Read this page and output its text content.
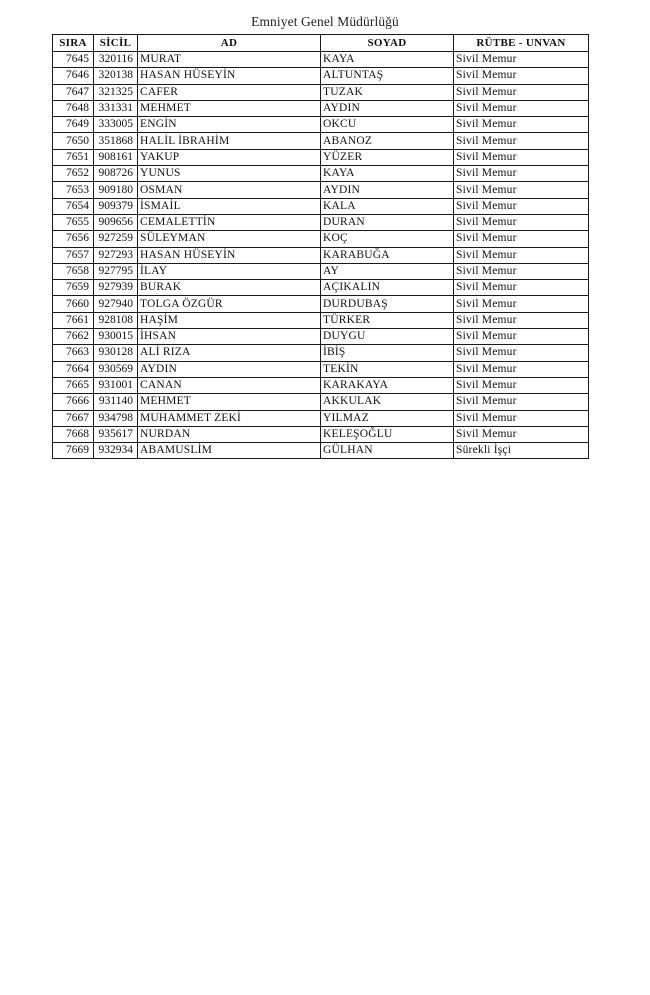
Emniyet Genel Müdürlüğü
SIRA	SİCİL	AD	SOYAD	RÜTBE - UNVAN
7645	320116	MURAT	KAYA	Sivil Memur
7646	320138	HASAN HÜSEYİN	ALTUNTAŞ	Sivil Memur
7647	321325	CAFER	TUZAK	Sivil Memur
7648	331331	MEHMET	AYDIN	Sivil Memur
7649	333005	ENGİN	OKCU	Sivil Memur
7650	351868	HALİL İBRAHİM	ABANOZ	Sivil Memur
7651	908161	YAKUP	YÜZER	Sivil Memur
7652	908726	YUNUS	KAYA	Sivil Memur
7653	909180	OSMAN	AYDIN	Sivil Memur
7654	909379	İSMAİL	KALA	Sivil Memur
7655	909656	CEMALETTİN	DURAN	Sivil Memur
7656	927259	SÜLEYMAN	KOÇ	Sivil Memur
7657	927293	HASAN HÜSEYİN	KARABUĞA	Sivil Memur
7658	927795	İLAY	AY	Sivil Memur
7659	927939	BURAK	AÇIKALIN	Sivil Memur
7660	927940	TOLGA ÖZGÜR	DURDUBAŞ	Sivil Memur
7661	928108	HAŞİM	TÜRKER	Sivil Memur
7662	930015	İHSAN	DUYGU	Sivil Memur
7663	930128	ALİ RIZA	İBİŞ	Sivil Memur
7664	930569	AYDIN	TEKİN	Sivil Memur
7665	931001	CANAN	KARAKAYA	Sivil Memur
7666	931140	MEHMET	AKKULAK	Sivil Memur
7667	934798	MUHAMMET ZEKİ	YILMAZ	Sivil Memur
7668	935617	NURDAN	KELEŞOĞLU	Sivil Memur
7669	932934	ABAMUSLİM	GÜLHAN	Sürekli İşçi
